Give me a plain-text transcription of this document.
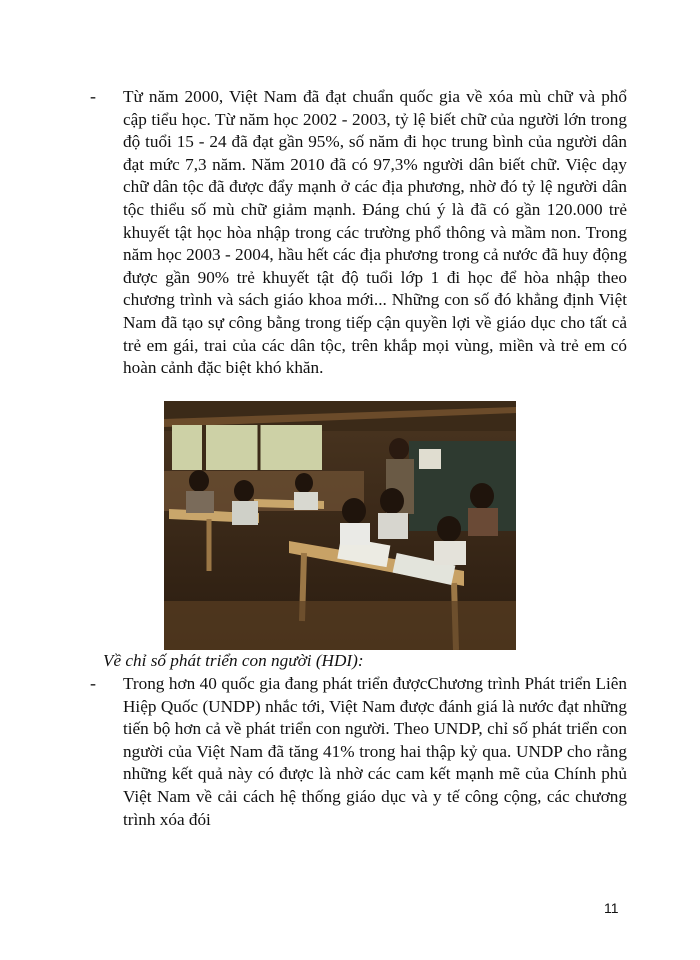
- Từ năm 2000, Việt Nam đã đạt chuẩn quốc gia về xóa mù chữ và phổ cập tiểu học. Từ năm học 2002 - 2003, tỷ lệ biết chữ của người lớn trong độ tuổi 15 - 24 đã đạt gần 95%, số năm đi học trung bình của người dân đạt mức 7,3 năm. Năm 2010 đã có 97,3% người dân biết chữ. Việc dạy chữ dân tộc đã được đẩy mạnh ở các địa phương, nhờ đó tỷ lệ người dân tộc thiểu số mù chữ giảm mạnh. Đáng chú ý là đã có gần 120.000 trẻ khuyết tật học hòa nhập trong các trường phổ thông và mầm non. Trong năm học 2003 - 2004, hầu hết các địa phương trong cả nước đã huy động được gần 90% trẻ khuyết tật độ tuổi lớp 1 đi học để hòa nhập theo chương trình và sách giáo khoa mới... Những con số đó khẳng định Việt Nam đã tạo sự công bằng trong tiếp cận quyền lợi về giáo dục cho tất cả trẻ em gái, trai của các dân tộc, trên khắp mọi vùng, miền và trẻ em có hoàn cảnh đặc biệt khó khăn.
Về chỉ số phát triển con người (HDI):
- Trong hơn 40 quốc gia đang phát triển đượcChương trình Phát triển Liên Hiệp Quốc (UNDP) nhắc tới, Việt Nam được đánh giá là nước đạt những tiến bộ hơn cả về phát triển con người. Theo UNDP, chỉ số phát triển con người của Việt Nam đã tăng 41% trong hai thập kỷ qua. UNDP cho rằng những kết quả này có được là nhờ các cam kết mạnh mẽ của Chính phủ Việt Nam về cải cách hệ thống giáo dục và y tế công cộng, các chương trình xóa đói
11
